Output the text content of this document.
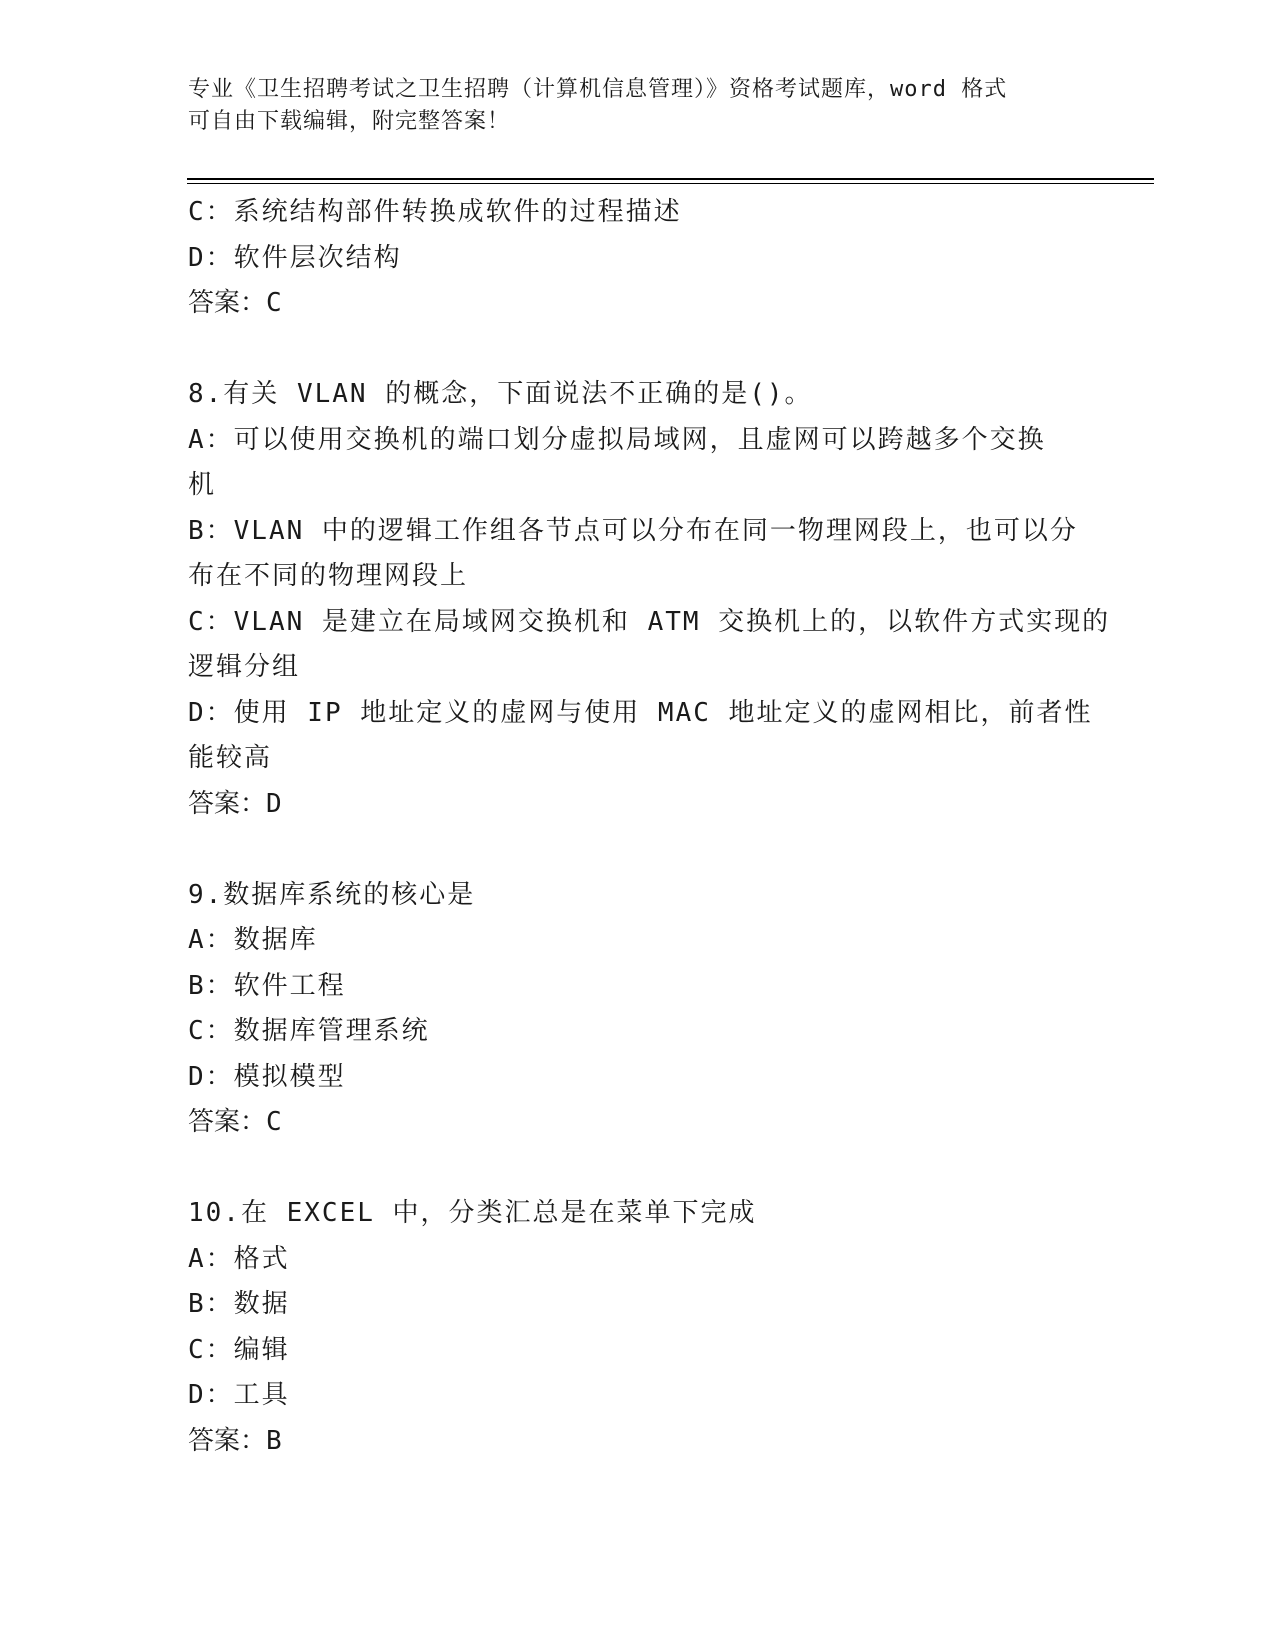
专业《卫生招聘考试之卫生招聘（计算机信息管理）》资格考试题库，word 格式
可自由下载编辑，附完整答案！
C：系统结构部件转换成软件的过程描述
D：软件层次结构
答案：C
8.有关 VLAN 的概念，下面说法不正确的是()。
A：可以使用交换机的端口划分虚拟局域网，且虚网可以跨越多个交换
机
B：VLAN 中的逻辑工作组各节点可以分布在同一物理网段上，也可以分
布在不同的物理网段上
C：VLAN 是建立在局域网交换机和 ATM 交换机上的，以软件方式实现的
逻辑分组
D：使用 IP 地址定义的虚网与使用 MAC 地址定义的虚网相比，前者性
能较高
答案：D
9.数据库系统的核心是
A：数据库
B：软件工程
C：数据库管理系统
D：模拟模型
答案：C
10.在 EXCEL 中，分类汇总是在菜单下完成
A：格式
B：数据
C：编辑
D：工具
答案：B
